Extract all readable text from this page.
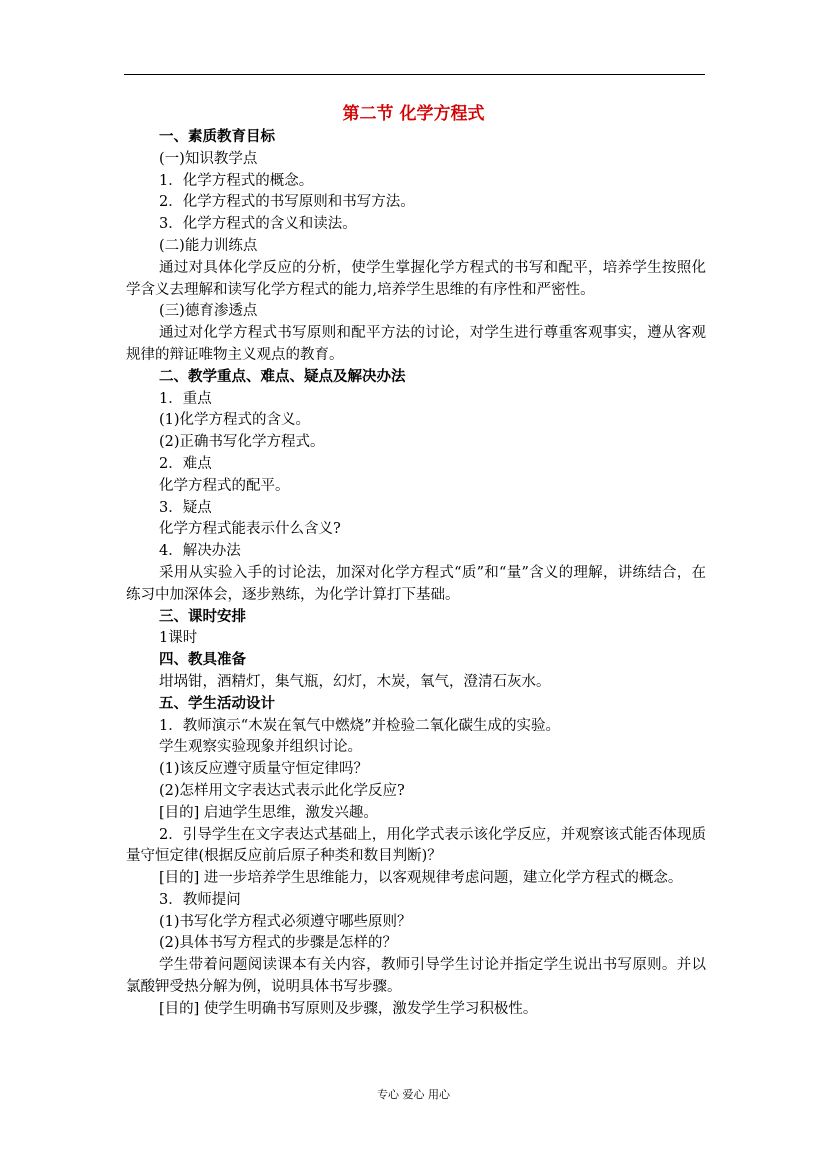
第二节 化学方程式

一、素质教育目标

(一)知识教学点

1．化学方程式的概念。

2．化学方程式的书写原则和书写方法。

3．化学方程式的含义和读法。

(二)能力训练点

通过对具体化学反应的分析，使学生掌握化学方程式的书写和配平，培养学生按照化学含义去理解和读写化学方程式的能力,培养学生思维的有序性和严密性。

(三)德育渗透点

通过对化学方程式书写原则和配平方法的讨论，对学生进行尊重客观事实，遵从客观规律的辩证唯物主义观点的教育。

二、教学重点、难点、疑点及解决办法

1．重点

(1)化学方程式的含义。

(2)正确书写化学方程式。

2．难点

化学方程式的配平。

3．疑点

化学方程式能表示什么含义?

4．解决办法

采用从实验入手的讨论法，加深对化学方程式“质”和“量”含义的理解，讲练结合，在练习中加深体会，逐步熟练，为化学计算打下基础。

三、课时安排

1课时

四、教具准备

坩埚钳，酒精灯，集气瓶，幻灯，木炭，氧气，澄清石灰水。

五、学生活动设计

1．教师演示“木炭在氧气中燃烧”并检验二氧化碳生成的实验。

学生观察实验现象并组织讨论。

(1)该反应遵守质量守恒定律吗？

(2)怎样用文字表达式表示此化学反应?

[目的] 启迪学生思维，激发兴趣。

2．引导学生在文字表达式基础上，用化学式表示该化学反应，并观察该式能否体现质量守恒定律(根据反应前后原子种类和数目判断)？

[目的] 进一步培养学生思维能力，以客观规律考虑问题，建立化学方程式的概念。

3．教师提问

(1)书写化学方程式必须遵守哪些原则？

(2)具体书写方程式的步骤是怎样的？

学生带着问题阅读课本有关内容，教师引导学生讨论并指定学生说出书写原则。并以氯酸钾受热分解为例，说明具体书写步骤。

[目的] 使学生明确书写原则及步骤，激发学生学习积极性。

专心 爱心 用心
